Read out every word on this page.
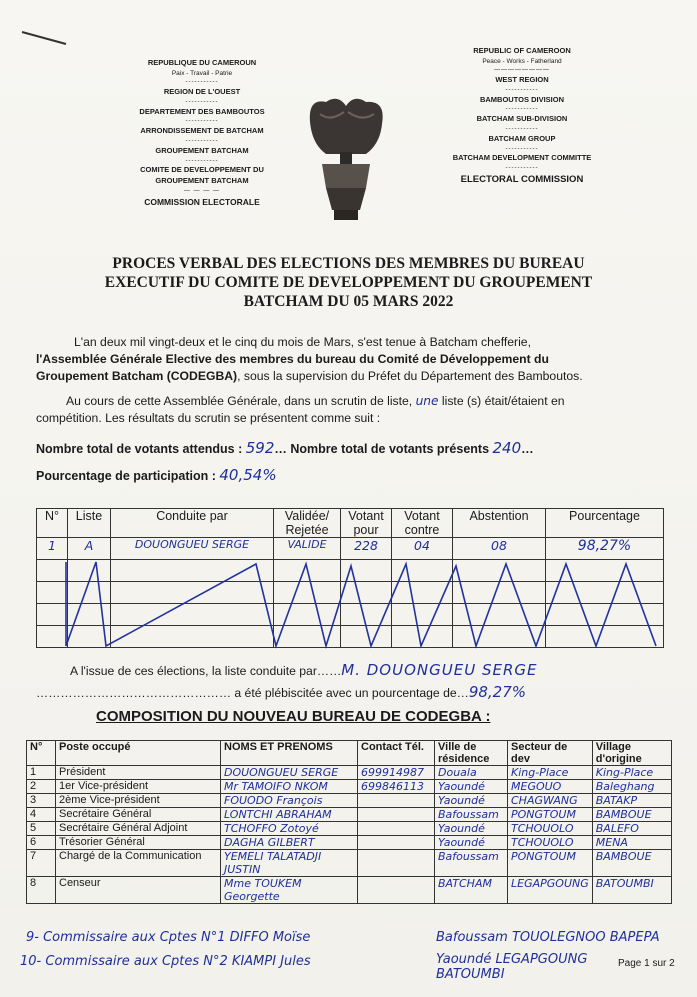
REPUBLIQUE DU CAMEROUN
Paix - Travail - Patrie
-----------
REGION DE L'OUEST
-----------
DEPARTEMENT DES BAMBOUTOS
-----------
ARRONDISSEMENT DE BATCHAM
-----------
GROUPEMENT BATCHAM
-----------
COMITE DE DEVELOPPEMENT DU GROUPEMENT BATCHAM
— — — —
COMMISSION ELECTORALE
REPUBLIC OF CAMEROON
Peace - Works - Fatherland
————————
WEST REGION
-----------
BAMBOUTOS DIVISION
-----------
BATCHAM SUB-DIVISION
-----------
BATCHAM GROUP
-----------
BATCHAM DEVELOPMENT COMMITTE
-----------
ELECTORAL COMMISSION
PROCES VERBAL DES ELECTIONS DES MEMBRES DU BUREAU
EXECUTIF DU COMITE DE DEVELOPPEMENT DU GROUPEMENT
BATCHAM DU 05 MARS 2022
L'an deux mil vingt-deux et le cinq du mois de Mars, s'est tenue à Batcham chefferie,
l'Assemblée Générale Elective des membres du bureau du Comité de Développement du
Groupement Batcham (CODEGBA), sous la supervision du Préfet du Département des Bamboutos.
Au cours de cette Assemblée Générale, dans un scrutin de liste, une liste (s) était/étaient en
compétition. Les résultats du scrutin se présentent comme suit :
Nombre total de votants attendus : 592… Nombre total de votants présents 240…
Pourcentage de participation : 40,54%
N°	Liste	Conduite par	Validée/ Rejetée	Votant pour	Votant contre	Abstention	Pourcentage
1	A	DOUONGUEU SERGE	VALIDE	228	04	08	98,27%

A l'issue de ces élections, la liste conduite par……M. DOUONGUEU SERGE
………………………………………… a été plébiscitée avec un pourcentage de…98,27%
COMPOSITION DU NOUVEAU BUREAU DE CODEGBA :
N°	Poste occupé	NOMS ET PRENOMS	Contact Tél.	Ville de résidence	Secteur de dev	Village d'origine
1	Président	DOUONGUEU SERGE	699914987	Douala	King-Place	King-Place
2	1er Vice-président	Mr TAMOIFO NKOM	699846113	Yaoundé	MEGOUO	Baleghang
3	2ème Vice-président	FOUODO François		Yaoundé	CHAGWANG	BATAKP
4	Secrétaire Général	LONTCHI ABRAHAM		Bafoussam	PONGTOUM	BAMBOUE
5	Secrétaire Général Adjoint	TCHOFFO Zotoyé		Yaoundé	TCHOUOLO	BALEFO
6	Trésorier Général	DAGHA GILBERT		Yaoundé	TCHOUOLO	MENA
7	Chargé de la Communication	YEMELI TALATADJI JUSTIN		Bafoussam	PONGTOUM	BAMBOUE
8	Censeur	Mme TOUKEM Georgette		BATCHAM	LEGAPGOUNG	BATOUMBI
9- Commissaire aux Cptes N°1 DIFFO Moïse	Bafoussam TOUOLEGNOO BAPEPA
10- Commissaire aux Cptes N°2 KIAMPI Jules	Yaoundé LEGAPGOUNG BATOUMBI
Page 1 sur 2
